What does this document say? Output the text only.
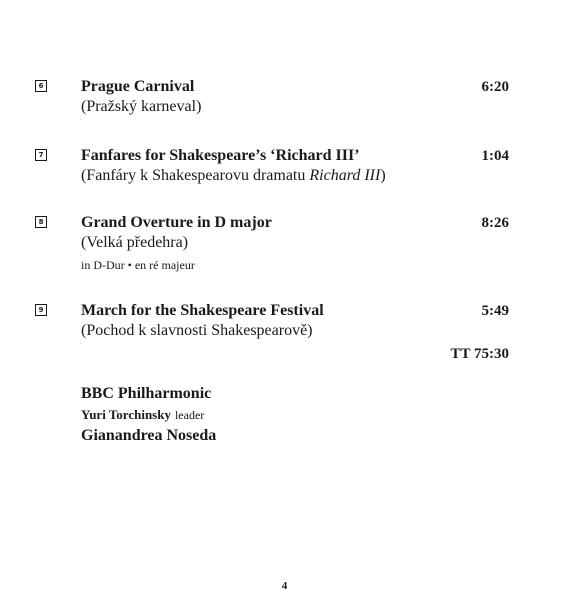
6 Prague Carnival	6:20
(Pražský karneval)
7 Fanfares for Shakespeare’s ‘Richard III’	1:04
(Fanfáry k Shakespearovu dramatu Richard III)
8 Grand Overture in D major	8:26
(Velká předehra)
in D-Dur • en ré majeur
9 March for the Shakespeare Festival	5:49
(Pochod k slavnosti Shakespearově)
TT 75:30
BBC Philharmonic
Yuri Torchinsky leader
Gianandrea Noseda
4
